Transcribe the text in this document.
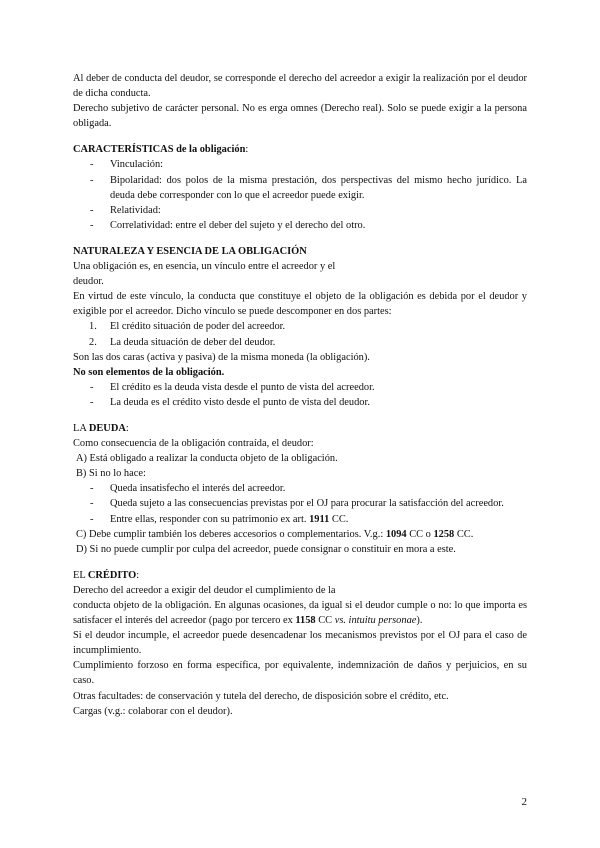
Al deber de conducta del deudor, se corresponde el derecho del acreedor a exigir la realización por el deudor de dicha conducta.

Derecho subjetivo de carácter personal. No es erga omnes (Derecho real). Solo se puede exigir a la persona obligada.

CARACTERÍSTICAS de la obligación:

- Vinculación:
- Bipolaridad: dos polos de la misma prestación, dos perspectivas del mismo hecho jurídico. La deuda debe corresponder con lo que el acreedor puede exigir.
- Relatividad:
- Correlatividad: entre el deber del sujeto y el derecho del otro.

NATURALEZA Y ESENCIA DE LA OBLIGACIÓN

Una obligación es, en esencia, un vínculo entre el acreedor y el

deudor.

En virtud de este vínculo, la conducta que constituye el objeto de la obligación es debida por el deudor y exigible por el acreedor. Dicho vínculo se puede descomponer en dos partes:

1. El crédito situación de poder del acreedor.
2. La deuda situación de deber del deudor.

Son las dos caras (activa y pasiva) de la misma moneda (la obligación).

No son elementos de la obligación.

- El crédito es la deuda vista desde el punto de vista del acreedor.
- La deuda es el crédito visto desde el punto de vista del deudor.

LA DEUDA:

Como consecuencia de la obligación contraída, el deudor:

A) Está obligado a realizar la conducta objeto de la obligación.

B) Si no lo hace:

- Queda insatisfecho el interés del acreedor.
- Queda sujeto a las consecuencias previstas por el OJ para procurar la satisfacción del acreedor.
- Entre ellas, responder con su patrimonio ex art. 1911 CC.

C) Debe cumplir también los deberes accesorios o complementarios. V.g.: 1094 CC o 1258 CC.

D) Si no puede cumplir por culpa del acreedor, puede consignar o constituir en mora a este.

EL CRÉDITO:

Derecho del acreedor a exigir del deudor el cumplimiento de la

conducta objeto de la obligación. En algunas ocasiones, da igual si el deudor cumple o no: lo que importa es satisfacer el interés del acreedor (pago por tercero ex 1158 CC vs. intuitu personae).

Si el deudor incumple, el acreedor puede desencadenar los mecanismos previstos por el OJ para el caso de incumplimiento.

Cumplimiento forzoso en forma específica, por equivalente, indemnización de daños y perjuicios, en su caso.

Otras facultades: de conservación y tutela del derecho, de disposición sobre el crédito, etc.

Cargas (v.g.: colaborar con el deudor).

2
